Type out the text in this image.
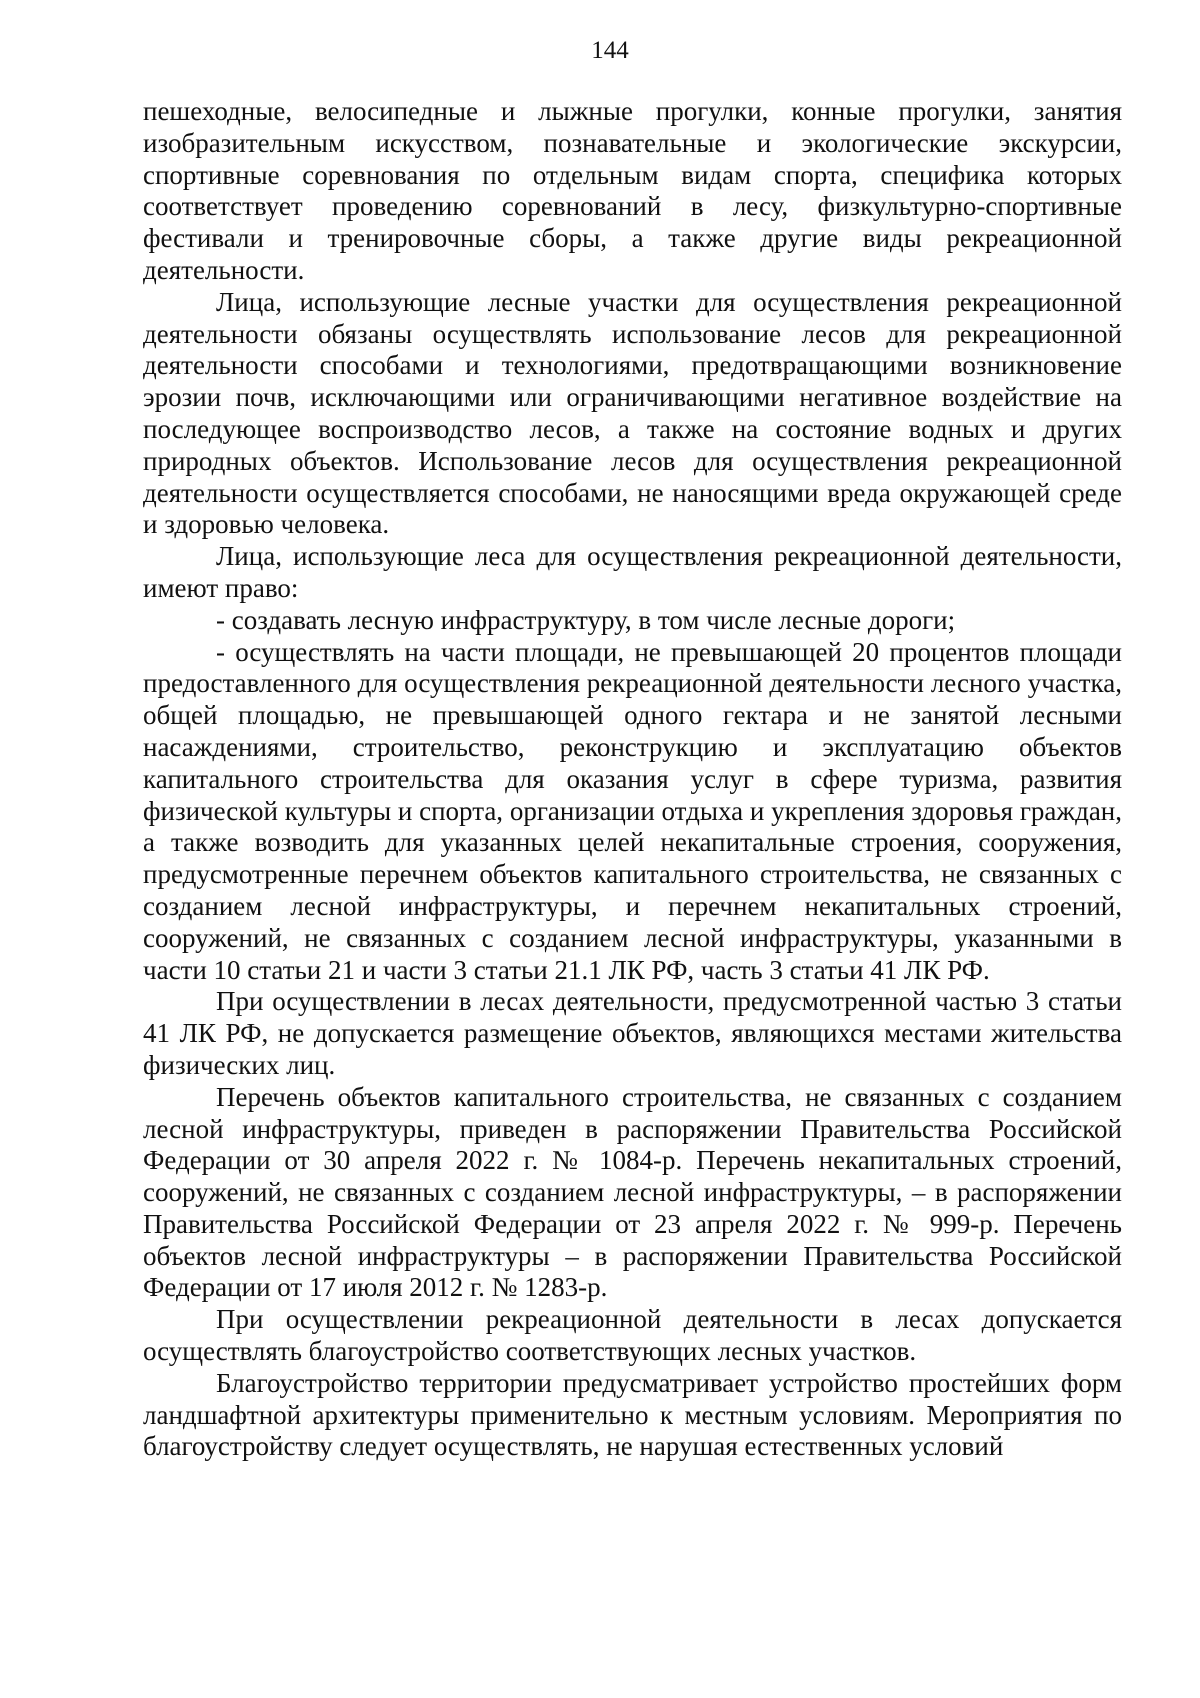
144

пешеходные, велосипедные и лыжные прогулки, конные прогулки, занятия изобразительным искусством, познавательные и экологические экскурсии, спортивные соревнования по отдельным видам спорта, специфика которых соответствует проведению соревнований в лесу, физкультурно-спортивные фестивали и тренировочные сборы, а также другие виды рекреационной деятельности.

Лица, использующие лесные участки для осуществления рекреационной деятельности обязаны осуществлять использование лесов для рекреационной деятельности способами и технологиями, предотвращающими возникновение эрозии почв, исключающими или ограничивающими негативное воздействие на последующее воспроизводство лесов, а также на состояние водных и других природных объектов. Использование лесов для осуществления рекреационной деятельности осуществляется способами, не наносящими вреда окружающей среде и здоровью человека.

Лица, использующие леса для осуществления рекреационной деятельности, имеют право:

- создавать лесную инфраструктуру, в том числе лесные дороги;

- осуществлять на части площади, не превышающей 20 процентов площади предоставленного для осуществления рекреационной деятельности лесного участка, общей площадью, не превышающей одного гектара и не занятой лесными насаждениями, строительство, реконструкцию и эксплуатацию объектов капитального строительства для оказания услуг в сфере туризма, развития физической культуры и спорта, организации отдыха и укрепления здоровья граждан, а также возводить для указанных целей некапитальные строения, сооружения, предусмотренные перечнем объектов капитального строительства, не связанных с созданием лесной инфраструктуры, и перечнем некапитальных строений, сооружений, не связанных с созданием лесной инфраструктуры, указанными в части 10 статьи 21 и части 3 статьи 21.1 ЛК РФ, часть 3 статьи 41 ЛК РФ.

При осуществлении в лесах деятельности, предусмотренной частью 3 статьи 41 ЛК РФ, не допускается размещение объектов, являющихся местами жительства физических лиц.

Перечень объектов капитального строительства, не связанных с созданием лесной инфраструктуры, приведен в распоряжении Правительства Российской Федерации от 30 апреля 2022 г. № 1084-р. Перечень некапитальных строений, сооружений, не связанных с созданием лесной инфраструктуры, – в распоряжении Правительства Российской Федерации от 23 апреля 2022 г. № 999-р. Перечень объектов лесной инфраструктуры – в распоряжении Правительства Российской Федерации от 17 июля 2012 г. № 1283-р.

При осуществлении рекреационной деятельности в лесах допускается осуществлять благоустройство соответствующих лесных участков.

Благоустройство территории предусматривает устройство простейших форм ландшафтной архитектуры применительно к местным условиям. Мероприятия по благоустройству следует осуществлять, не нарушая естественных условий
